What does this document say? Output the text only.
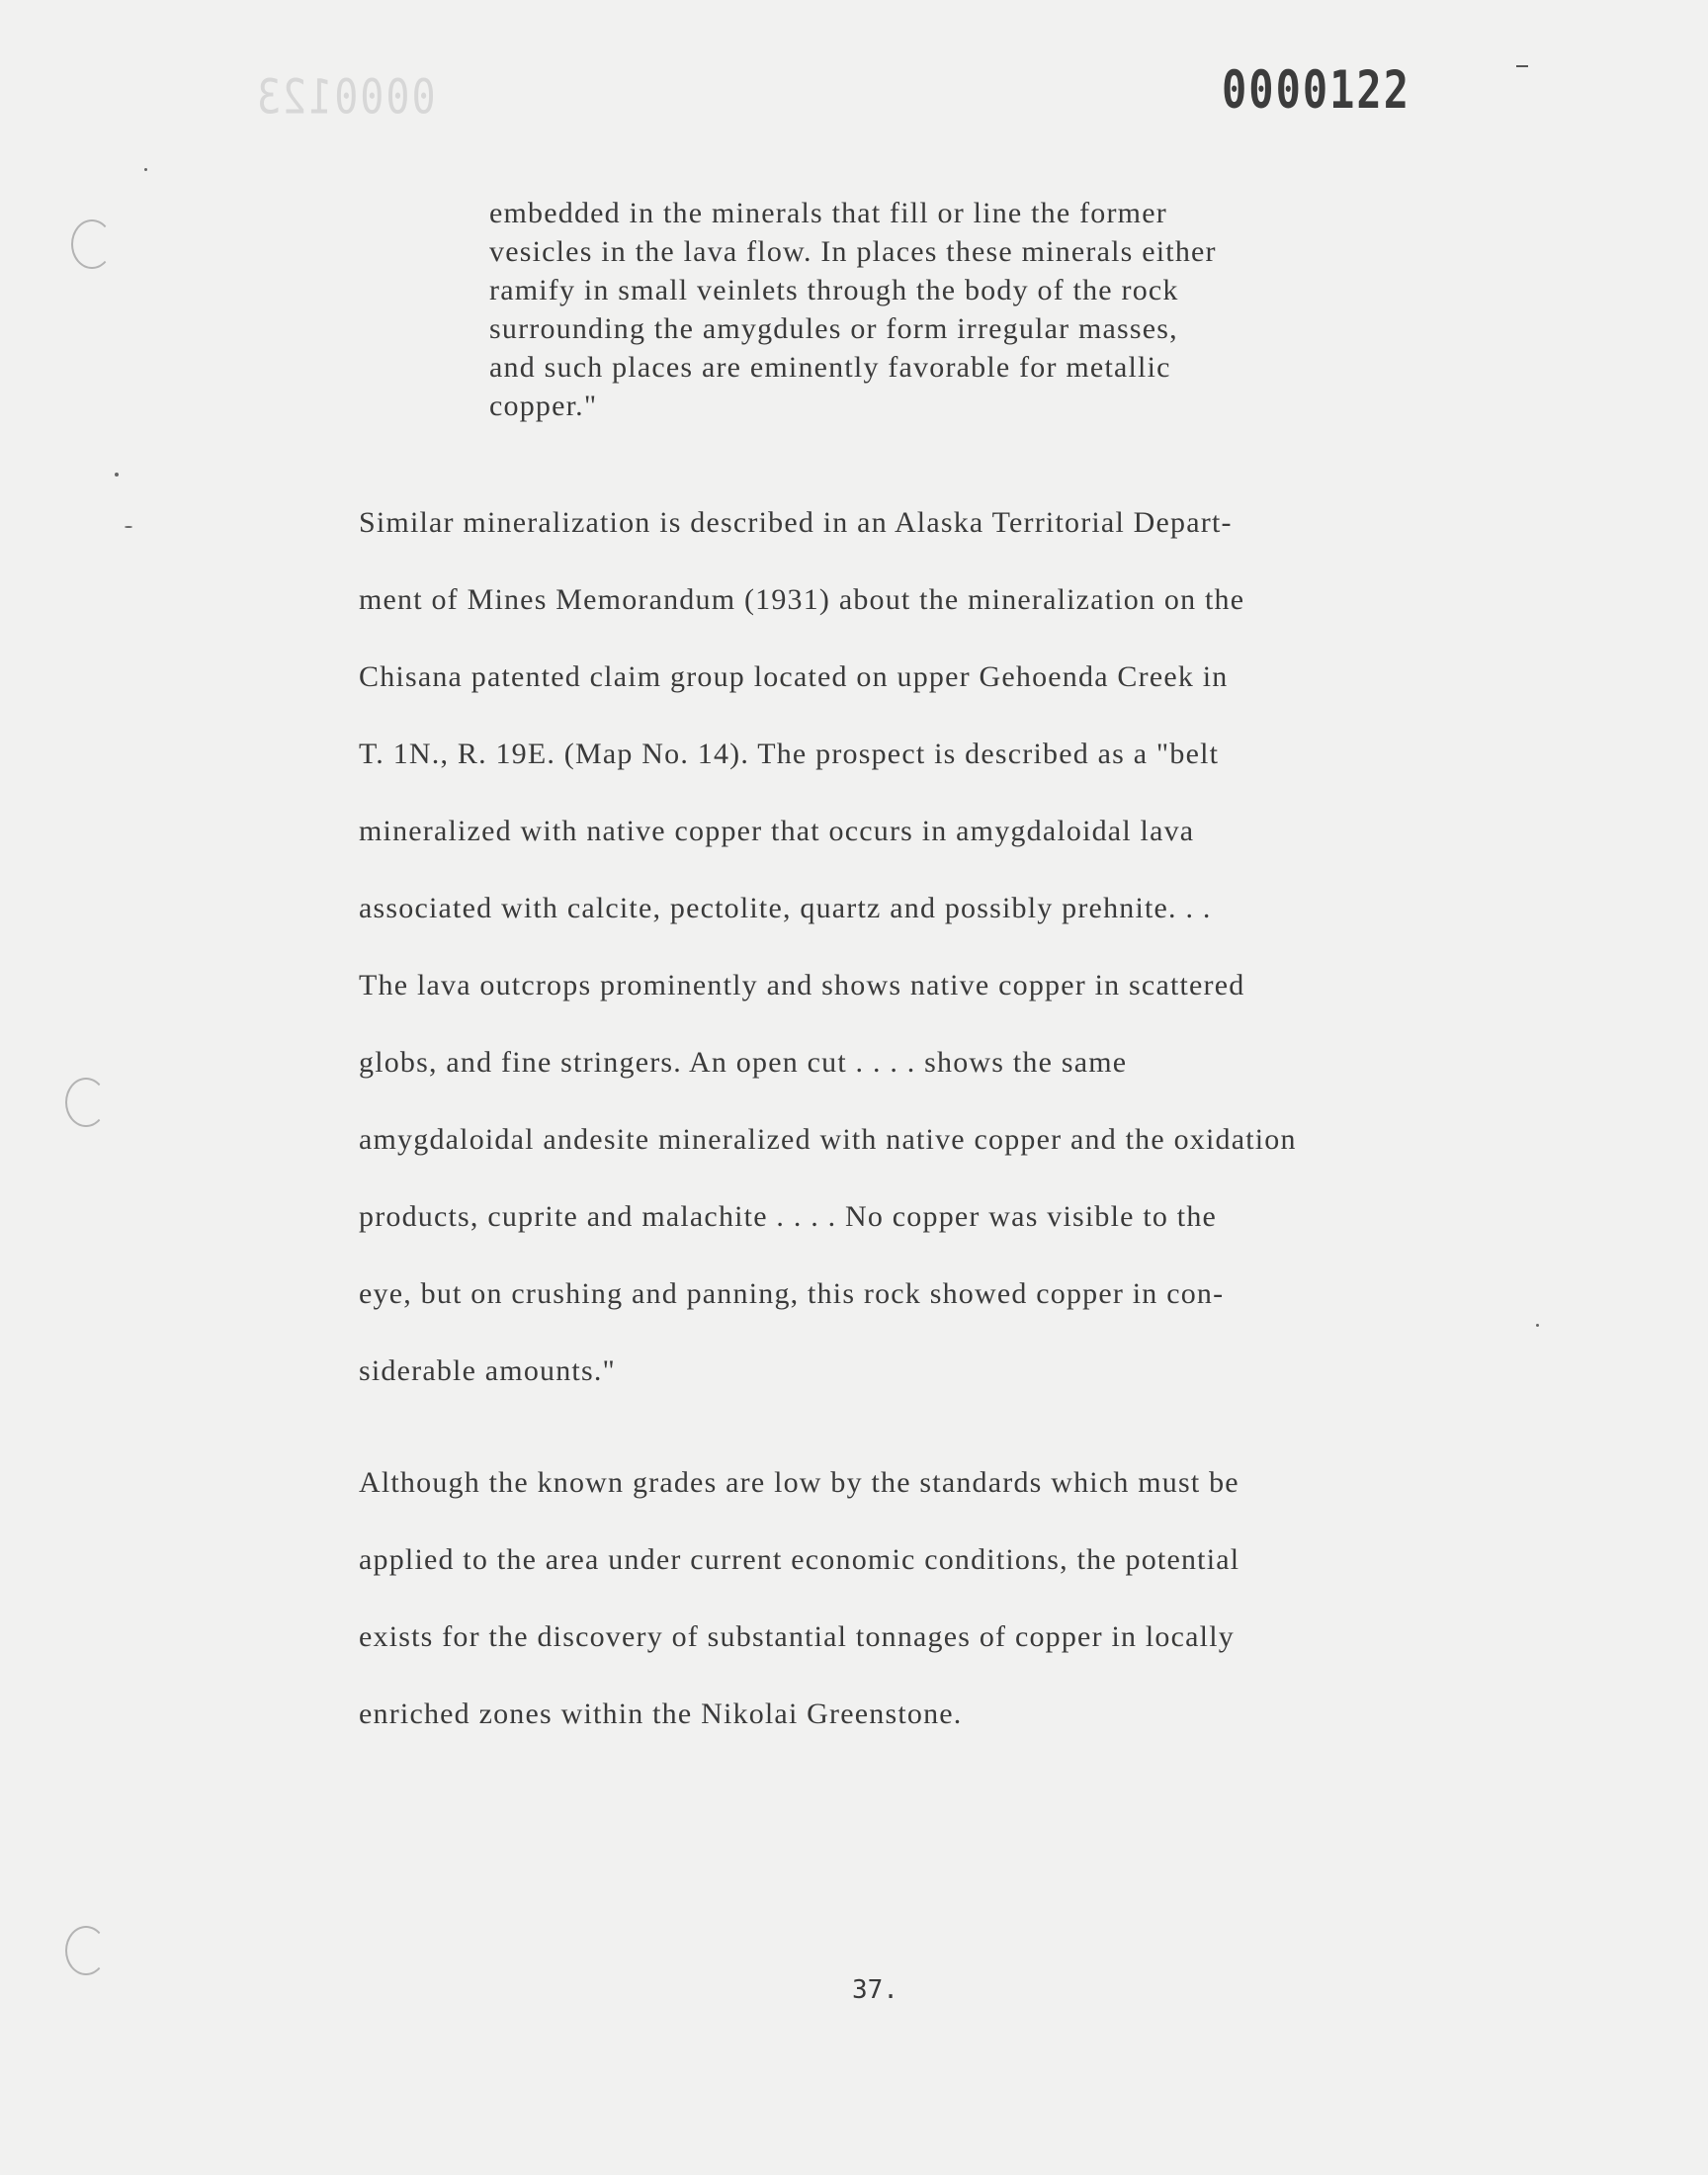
0000123	0000122

embedded in the minerals that fill or line the former
vesicles in the lava flow. In places these minerals either
ramify in small veinlets through the body of the rock
surrounding the amygdules or form irregular masses,
and such places are eminently favorable for metallic
copper."

Similar mineralization is described in an Alaska Territorial Depart-
ment of Mines Memorandum (1931) about the mineralization on the
Chisana patented claim group located on upper Gehoenda Creek in
T. 1N., R. 19E. (Map No. 14). The prospect is described as a "belt
mineralized with native copper that occurs in amygdaloidal lava
associated with calcite, pectolite, quartz and possibly prehnite. . .
The lava outcrops prominently and shows native copper in scattered
globs, and fine stringers. An open cut . . . . shows the same
amygdaloidal andesite mineralized with native copper and the oxidation
products, cuprite and malachite . . . . No copper was visible to the
eye, but on crushing and panning, this rock showed copper in con-
siderable amounts."

Although the known grades are low by the standards which must be
applied to the area under current economic conditions, the potential
exists for the discovery of substantial tonnages of copper in locally
enriched zones within the Nikolai Greenstone.

37.
